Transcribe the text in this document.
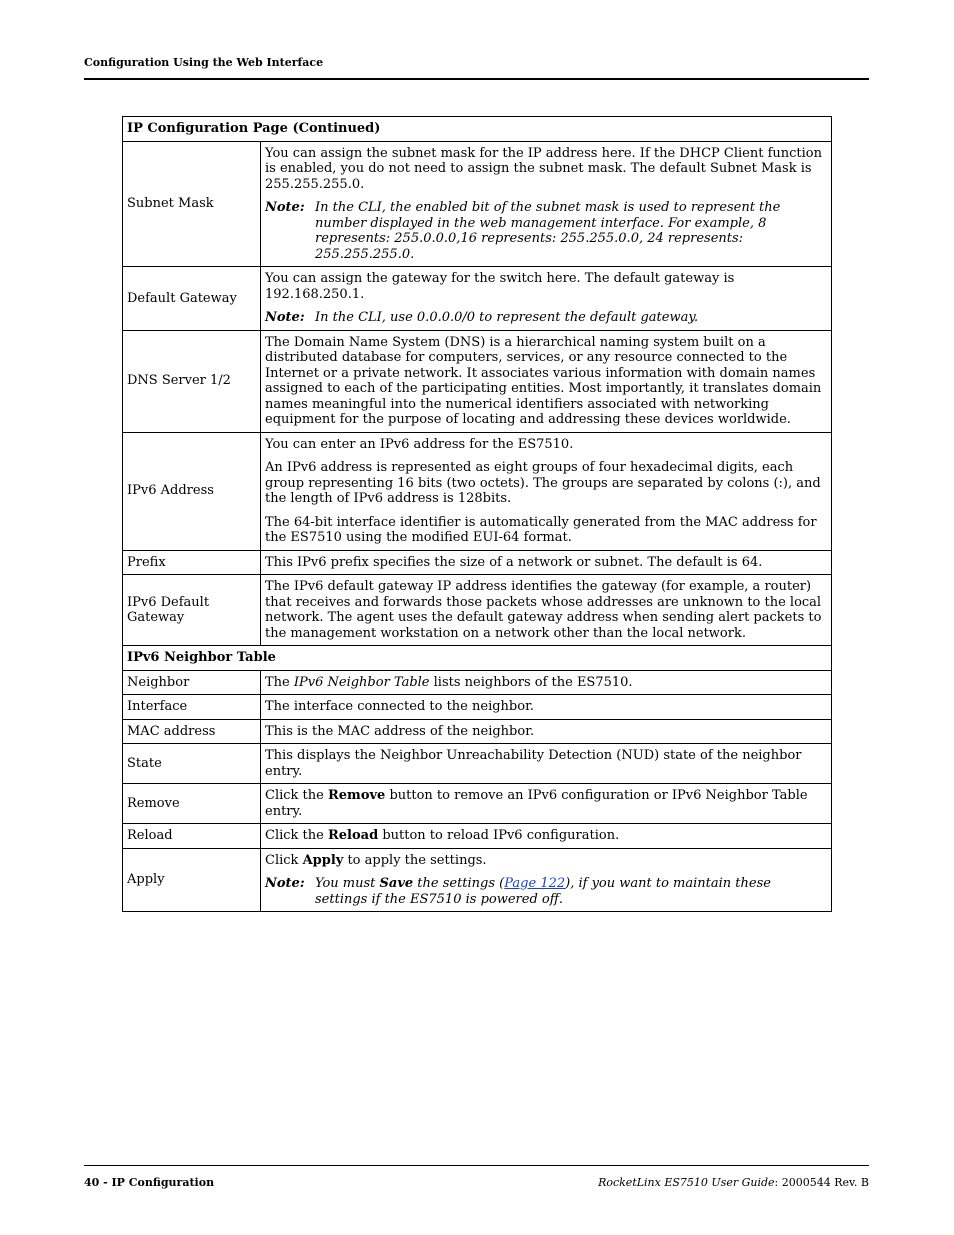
Configuration Using the Web Interface
IP Configuration Page (Continued)	
Subnet Mask	You can assign the subnet mask for the IP address here. If the DHCP Client function is enabled, you do not need to assign the subnet mask. The default Subnet Mask is 255.255.255.0.

Note: In the CLI, the enabled bit of the subnet mask is used to represent the number displayed in the web management interface. For example, 8 represents: 255.0.0.0,16 represents: 255.255.0.0, 24 represents: 255.255.255.0.

Default Gateway	You can assign the gateway for the switch here. The default gateway is 192.168.250.1.

Note: In the CLI, use 0.0.0.0/0 to represent the default gateway.

DNS Server 1/2	The Domain Name System (DNS) is a hierarchical naming system built on a distributed database for computers, services, or any resource connected to the Internet or a private network. It associates various information with domain names assigned to each of the participating entities. Most importantly, it translates domain names meaningful into the numerical identifiers associated with networking equipment for the purpose of locating and addressing these devices worldwide.

IPv6 Address	You can enter an IPv6 address for the ES7510.

An IPv6 address is represented as eight groups of four hexadecimal digits, each group representing 16 bits (two octets). The groups are separated by colons (:), and the length of IPv6 address is 128bits.

The 64-bit interface identifier is automatically generated from the MAC address for the ES7510 using the modified EUI-64 format.

Prefix	This IPv6 prefix specifies the size of a network or subnet. The default is 64.

IPv6 Default Gateway	The IPv6 default gateway IP address identifies the gateway (for example, a router) that receives and forwards those packets whose addresses are unknown to the local network. The agent uses the default gateway address when sending alert packets to the management workstation on a network other than the local network.

IPv6 Neighbor Table	
Neighbor	The IPv6 Neighbor Table lists neighbors of the ES7510.
Interface	The interface connected to the neighbor.
MAC address	This is the MAC address of the neighbor.
State	This displays the Neighbor Unreachability Detection (NUD) state of the neighbor entry.
Remove	Click the Remove button to remove an IPv6 configuration or IPv6 Neighbor Table entry.
Reload	Click the Reload button to reload IPv6 configuration.
Apply	Click Apply to apply the settings.

Note: You must Save the settings (Page 122), if you want to maintain these settings if the ES7510 is powered off.
40 - IP Configuration	RocketLinx ES7510 User Guide: 2000544 Rev. B
